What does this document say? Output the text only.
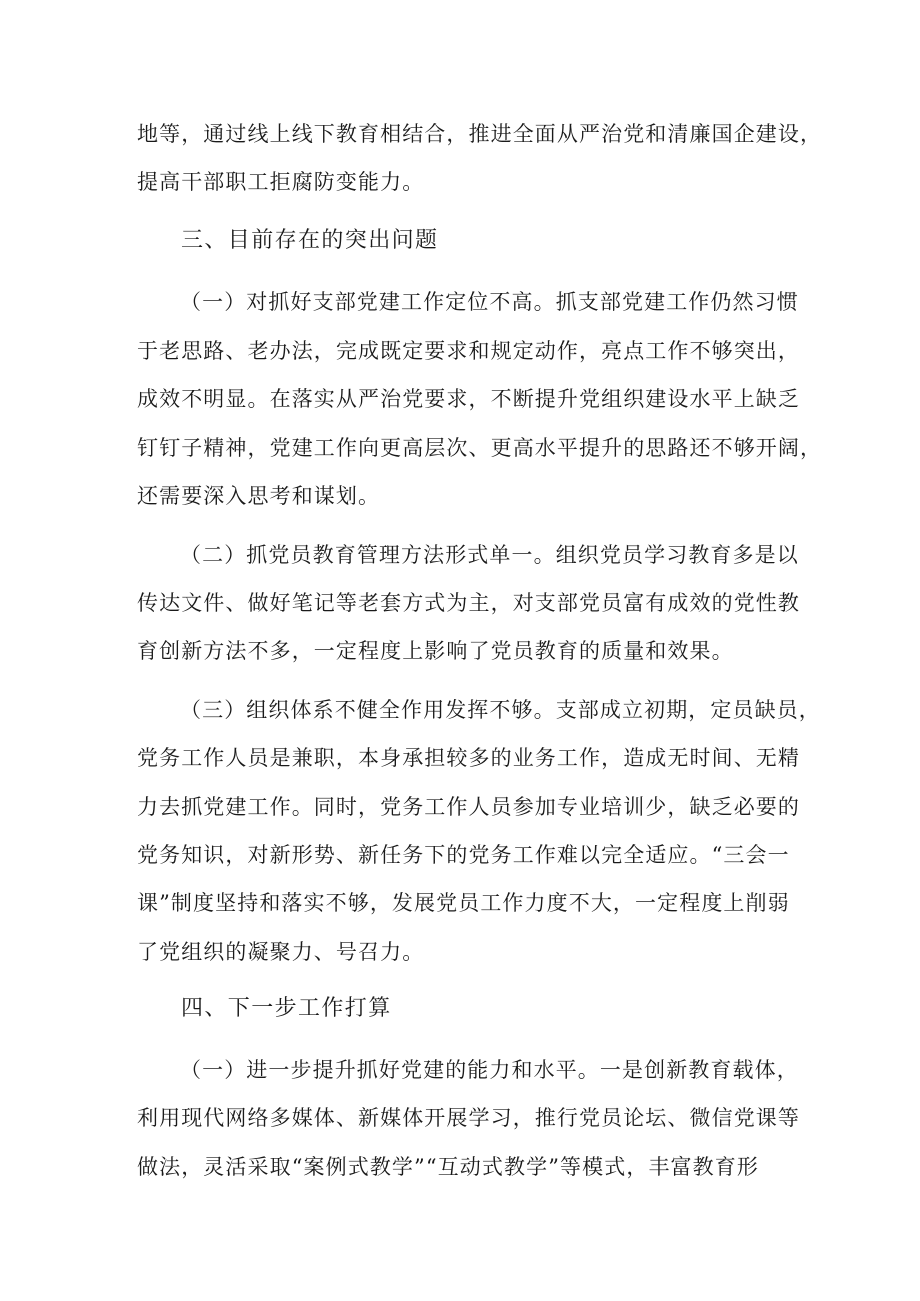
地等，通过线上线下教育相结合，推进全面从严治党和清廉国企建设，
提高干部职工拒腐防变能力。
三、目前存在的突出问题
（一）对抓好支部党建工作定位不高。抓支部党建工作仍然习惯
于老思路、老办法，完成既定要求和规定动作，亮点工作不够突出，
成效不明显。在落实从严治党要求，不断提升党组织建设水平上缺乏
钉钉子精神，党建工作向更高层次、更高水平提升的思路还不够开阔，
还需要深入思考和谋划。
（二）抓党员教育管理方法形式单一。组织党员学习教育多是以
传达文件、做好笔记等老套方式为主，对支部党员富有成效的党性教
育创新方法不多，一定程度上影响了党员教育的质量和效果。
（三）组织体系不健全作用发挥不够。支部成立初期，定员缺员，
党务工作人员是兼职，本身承担较多的业务工作，造成无时间、无精
力去抓党建工作。同时，党务工作人员参加专业培训少，缺乏必要的
党务知识，对新形势、新任务下的党务工作难以完全适应。“三会一
课”制度坚持和落实不够，发展党员工作力度不大，一定程度上削弱
了党组织的凝聚力、号召力。
四、下一步工作打算
（一）进一步提升抓好党建的能力和水平。一是创新教育载体，
利用现代网络多媒体、新媒体开展学习，推行党员论坛、微信党课等
做法，灵活采取“案例式教学”“互动式教学”等模式，丰富教育形
